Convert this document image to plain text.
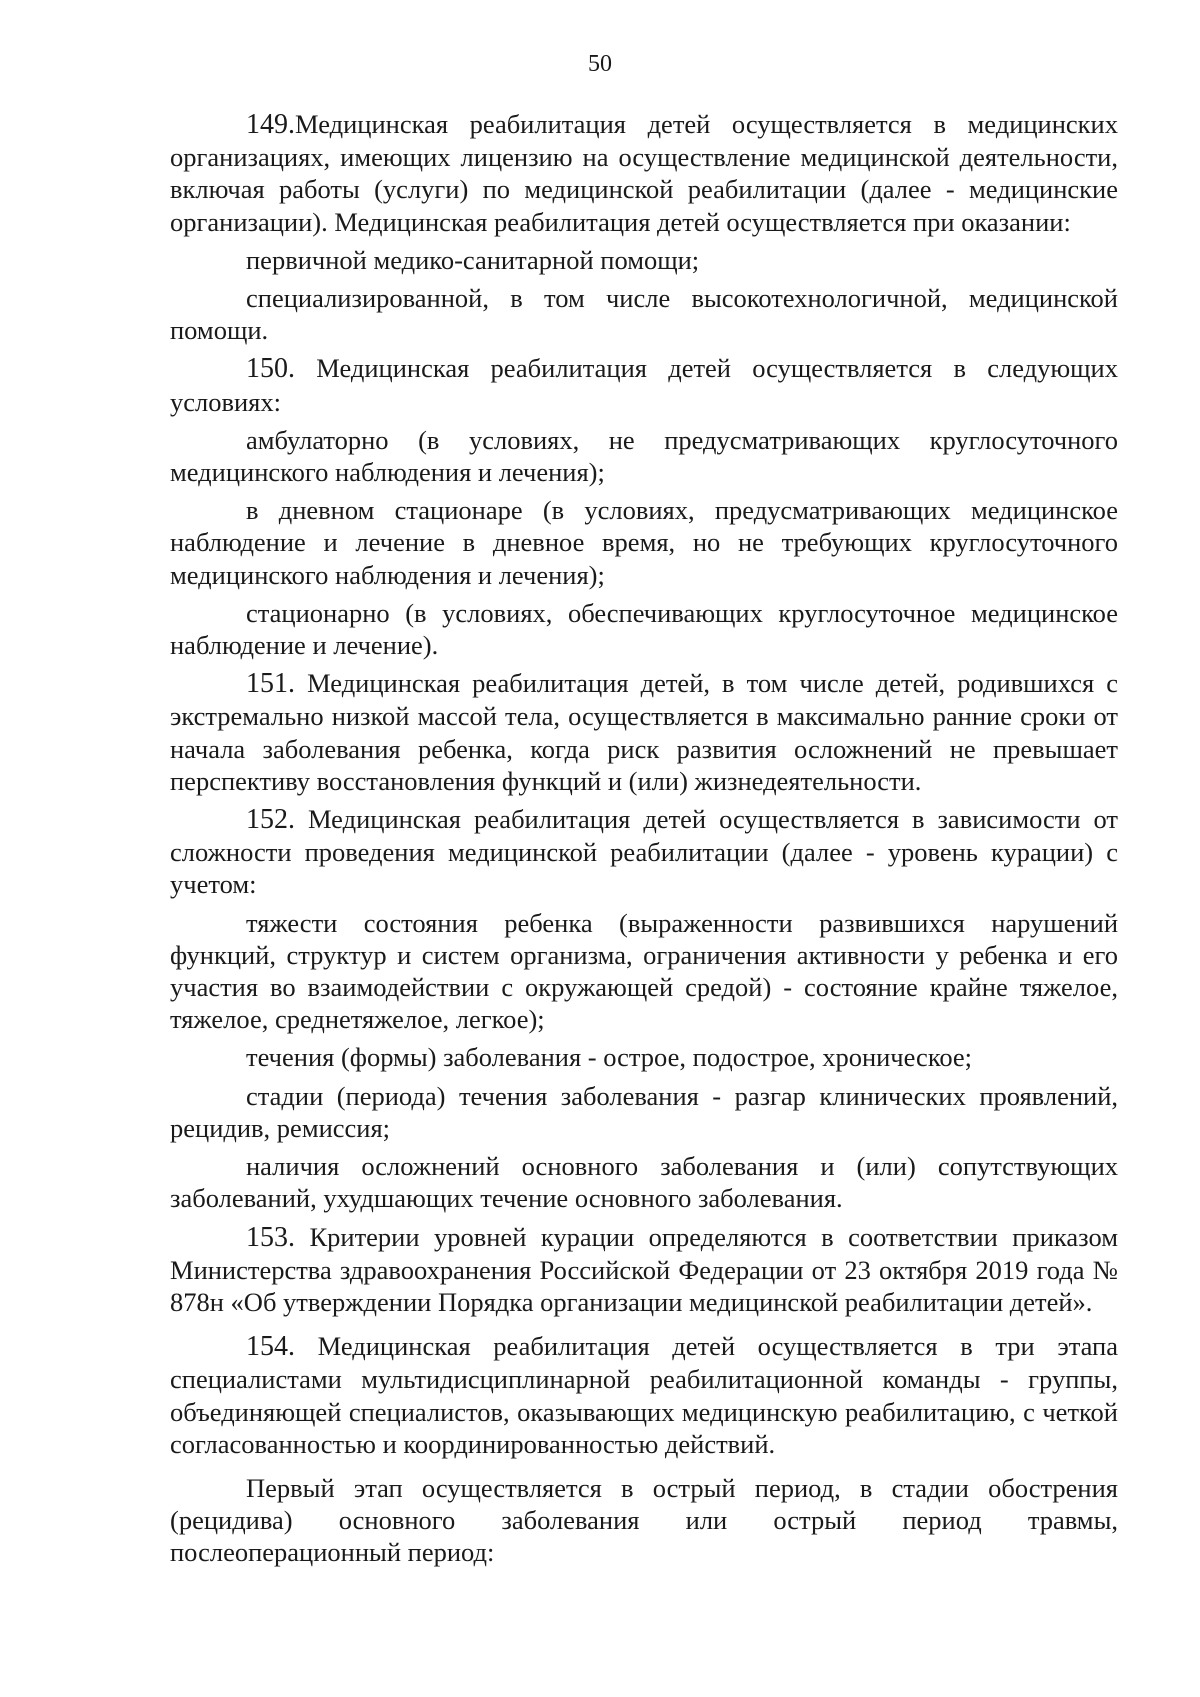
50

149.Медицинская реабилитация детей осуществляется в медицинских организациях, имеющих лицензию на осуществление медицинской деятельности, включая работы (услуги) по медицинской реабилитации (далее - медицинские организации). Медицинская реабилитация детей осуществляется при оказании:

первичной медико-санитарной помощи;

специализированной, в том числе высокотехнологичной, медицинской помощи.

150. Медицинская реабилитация детей осуществляется в следующих условиях:

амбулаторно (в условиях, не предусматривающих круглосуточного медицинского наблюдения и лечения);

в дневном стационаре (в условиях, предусматривающих медицинское наблюдение и лечение в дневное время, но не требующих круглосуточного медицинского наблюдения и лечения);

стационарно (в условиях, обеспечивающих круглосуточное медицинское наблюдение и лечение).

151. Медицинская реабилитация детей, в том числе детей, родившихся с экстремально низкой массой тела, осуществляется в максимально ранние сроки от начала заболевания ребенка, когда риск развития осложнений не превышает перспективу восстановления функций и (или) жизнедеятельности.

152. Медицинская реабилитация детей осуществляется в зависимости от сложности проведения медицинской реабилитации (далее - уровень курации) с учетом:

тяжести состояния ребенка (выраженности развившихся нарушений функций, структур и систем организма, ограничения активности у ребенка и его участия во взаимодействии с окружающей средой) - состояние крайне тяжелое, тяжелое, среднетяжелое, легкое);

течения (формы) заболевания - острое, подострое, хроническое;

стадии (периода) течения заболевания - разгар клинических проявлений, рецидив, ремиссия;

наличия осложнений основного заболевания и (или) сопутствующих заболеваний, ухудшающих течение основного заболевания.

153. Критерии уровней курации определяются в соответствии приказом Министерства здравоохранения Российской Федерации от 23 октября 2019 года № 878н «Об утверждении Порядка организации медицинской реабилитации детей».

154. Медицинская реабилитация детей осуществляется в три этапа специалистами мультидисциплинарной реабилитационной команды - группы, объединяющей специалистов, оказывающих медицинскую реабилитацию, с четкой согласованностью и координированностью действий.

Первый этап осуществляется в острый период, в стадии обострения (рецидива) основного заболевания или острый период травмы, послеоперационный период:
